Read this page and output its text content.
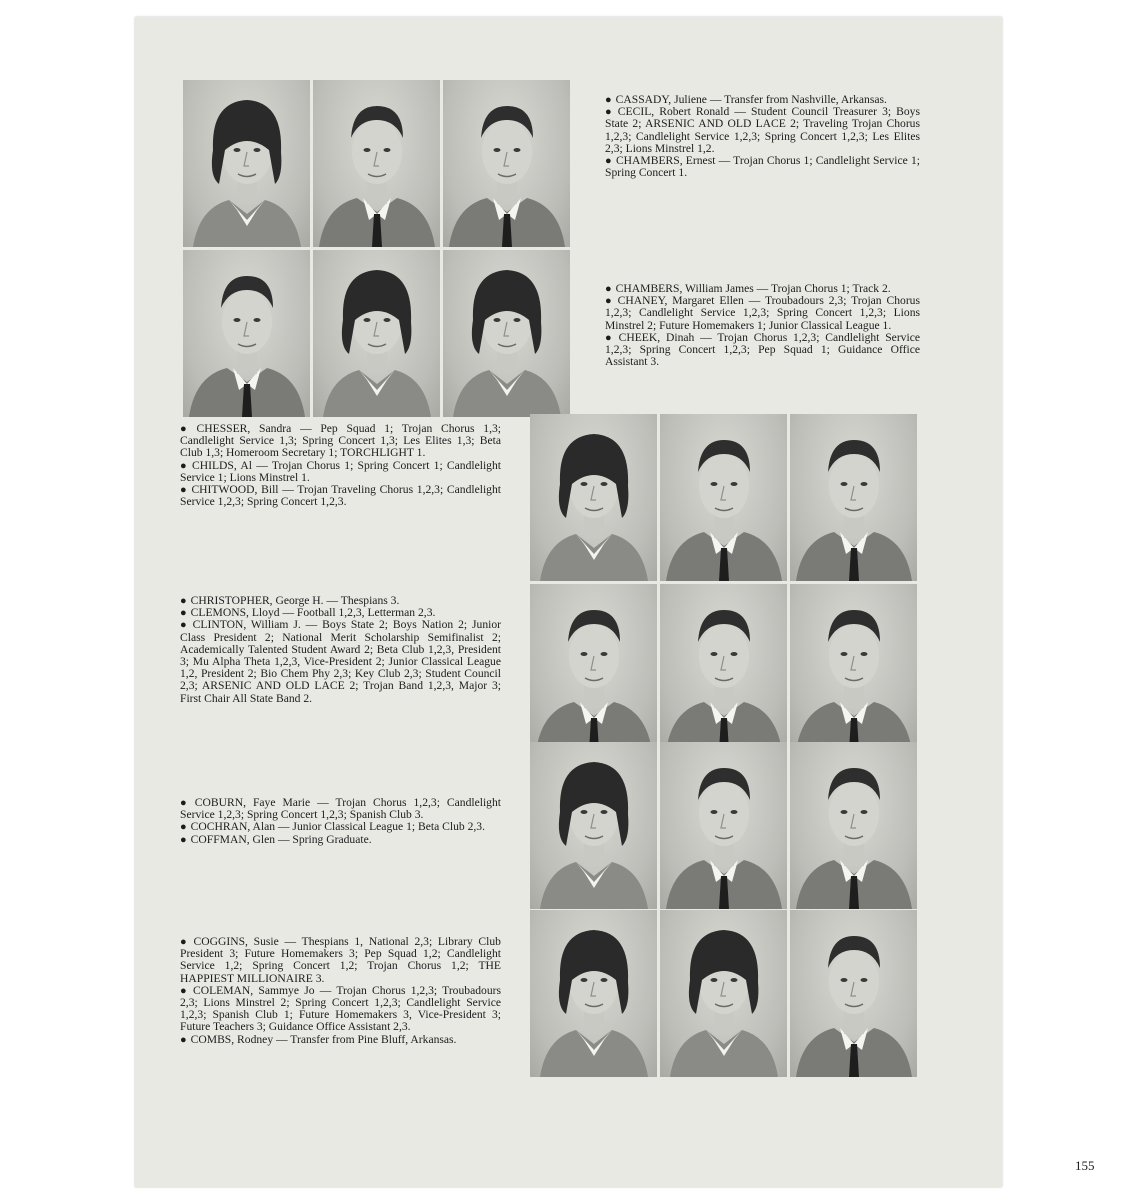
● CASSADY, Juliene — Transfer from Nashville, Arkansas.

● CECIL, Robert Ronald — Student Council Treasurer 3; Boys State 2; ARSENIC AND OLD LACE 2; Traveling Trojan Chorus 1,2,3; Candlelight Service 1,2,3; Spring Concert 1,2,3; Les Elites 2,3; Lions Minstrel 1,2.

● CHAMBERS, Ernest — Trojan Chorus 1; Candlelight Service 1; Spring Concert 1.

● CHAMBERS, William James — Trojan Chorus 1; Track 2.

● CHANEY, Margaret Ellen — Troubadours 2,3; Trojan Chorus 1,2,3; Candlelight Service 1,2,3; Spring Concert 1,2,3; Lions Minstrel 2; Future Homemakers 1; Junior Classical League 1.

● CHEEK, Dinah — Trojan Chorus 1,2,3; Candlelight Service 1,2,3; Spring Concert 1,2,3; Pep Squad 1; Guidance Office Assistant 3.

● CHESSER, Sandra — Pep Squad 1; Trojan Chorus 1,3; Candlelight Service 1,3; Spring Concert 1,3; Les Elites 1,3; Beta Club 1,3; Homeroom Secretary 1; TORCHLIGHT 1.

● CHILDS, Al — Trojan Chorus 1; Spring Concert 1; Candlelight Service 1; Lions Minstrel 1.

● CHITWOOD, Bill — Trojan Traveling Chorus 1,2,3; Candlelight Service 1,2,3; Spring Concert 1,2,3.

● CHRISTOPHER, George H. — Thespians 3.

● CLEMONS, Lloyd — Football 1,2,3, Letterman 2,3.

● CLINTON, William J. — Boys State 2; Boys Nation 2; Junior Class President 2; National Merit Scholarship Semifinalist 2; Academically Talented Student Award 2; Beta Club 1,2,3, President 3; Mu Alpha Theta 1,2,3, Vice-President 2; Junior Classical League 1,2, President 2; Bio Chem Phy 2,3; Key Club 2,3; Student Council 2,3; ARSENIC AND OLD LACE 2; Trojan Band 1,2,3, Major 3; First Chair All State Band 2.

● COBURN, Faye Marie — Trojan Chorus 1,2,3; Candlelight Service 1,2,3; Spring Concert 1,2,3; Spanish Club 3.

● COCHRAN, Alan — Junior Classical League 1; Beta Club 2,3.

● COFFMAN, Glen — Spring Graduate.

● COGGINS, Susie — Thespians 1, National 2,3; Library Club President 3; Future Homemakers 3; Pep Squad 1,2; Candlelight Service 1,2; Spring Concert 1,2; Trojan Chorus 1,2; THE HAPPIEST MILLIONAIRE 3.

● COLEMAN, Sammye Jo — Trojan Chorus 1,2,3; Troubadours 2,3; Lions Minstrel 2; Spring Concert 1,2,3; Candlelight Service 1,2,3; Spanish Club 1; Future Homemakers 3, Vice-President 3; Future Teachers 3; Guidance Office Assistant 2,3.

● COMBS, Rodney — Transfer from Pine Bluff, Arkansas.

155
